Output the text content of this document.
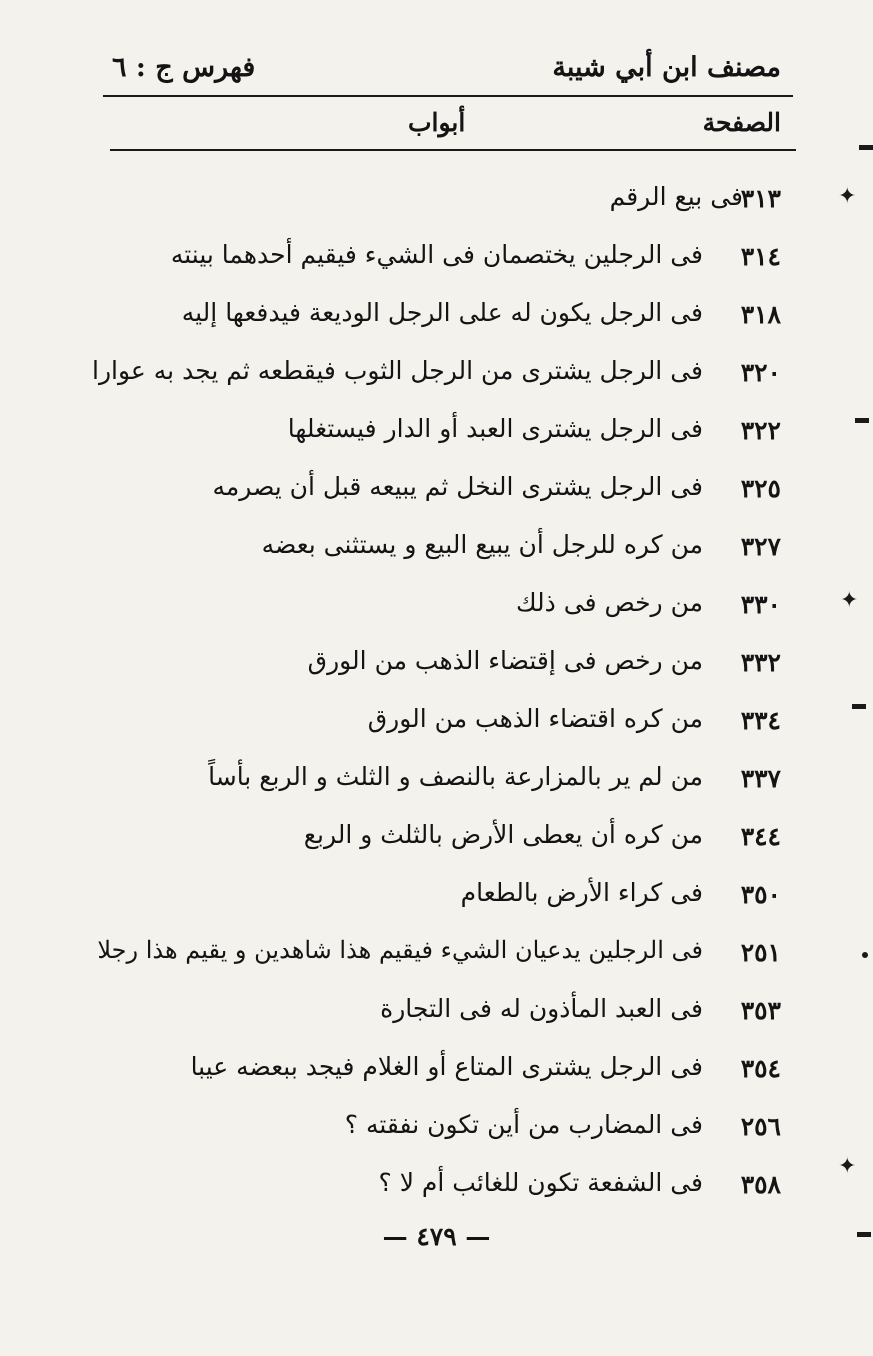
مصنف ابن أبي شيبة
فهرس ج : ٦
الصفحة
أبواب
٣١٣
فى بيع الرقم
٣١٤
فى الرجلين يختصمان فى الشيء فيقيم أحدهما بينته
٣١٨
فى الرجل يكون له على الرجل الوديعة فيدفعها إليه
٣٢٠
فى الرجل يشترى من الرجل الثوب فيقطعه ثم يجد به عوارا
٣٢٢
فى الرجل يشترى العبد أو الدار فيستغلها
٣٢٥
فى الرجل يشترى النخل ثم يبيعه قبل أن يصرمه
٣٢٧
من كره للرجل أن يبيع البيع و يستثنى بعضه
٣٣٠
من رخص فى ذلك
٣٣٢
من رخص فى إقتضاء الذهب من الورق
٣٣٤
من كره اقتضاء الذهب من الورق
٣٣٧
من لم ير بالمزارعة بالنصف و الثلث و الربع بأساً
٣٤٤
من كره أن يعطى الأرض بالثلث و الربع
٣٥٠
فى كراء الأرض بالطعام
٢٥١
فى الرجلين يدعيان الشيء فيقيم هذا شاهدين و يقيم هذا رجلا
٣٥٣
فى العبد المأذون له فى التجارة
٣٥٤
فى الرجل يشترى المتاع أو الغلام فيجد ببعضه عيبا
٢٥٦
فى المضارب من أين تكون نفقته ؟
٣٥٨
فى الشفعة تكون للغائب أم لا ؟
— ٤٧٩ —
✦
✦
✦
